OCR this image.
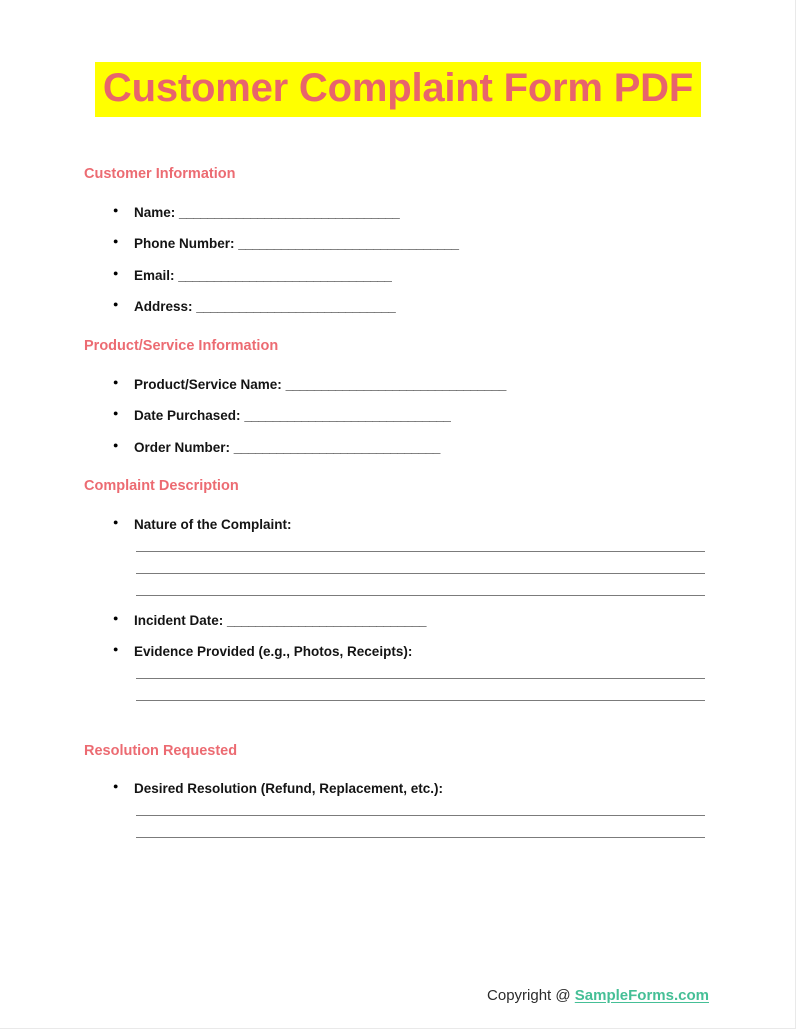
Customer Complaint Form PDF
Customer Information
● Name: _______________________________
● Phone Number: _______________________________
● Email: ______________________________
● Address: ____________________________
Product/Service Information
● Product/Service Name: _______________________________
● Date Purchased: _____________________________
● Order Number: _____________________________
Complaint Description
● Nature of the Complaint:
● Incident Date: ____________________________
● Evidence Provided (e.g., Photos, Receipts):
Resolution Requested
● Desired Resolution (Refund, Replacement, etc.):
Copyright @ SampleForms.com
